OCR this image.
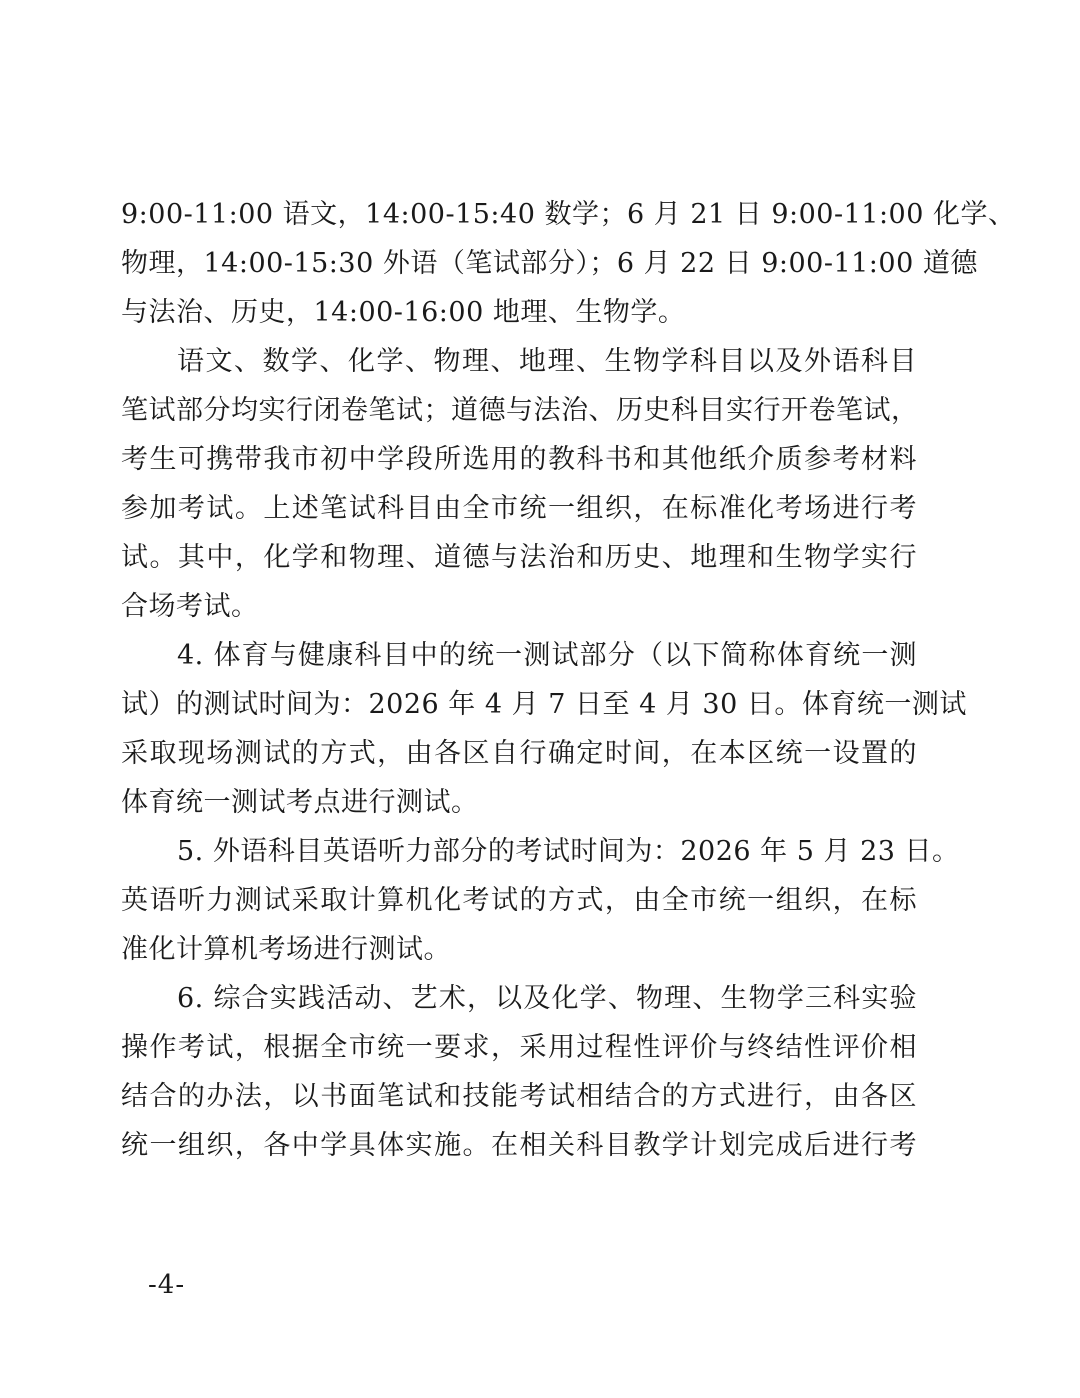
9:00-11:00 语文，14:00-15:40 数学；6 月 21 日 9:00-11:00 化学、
物理，14:00-15:30 外语（笔试部分）；6 月 22 日 9:00-11:00 道德
与法治、历史，14:00-16:00 地理、生物学。
语文、数学、化学、物理、地理、生物学科目以及外语科目
笔试部分均实行闭卷笔试；道德与法治、历史科目实行开卷笔试，
考生可携带我市初中学段所选用的教科书和其他纸介质参考材料
参加考试。上述笔试科目由全市统一组织，在标准化考场进行考
试。其中，化学和物理、道德与法治和历史、地理和生物学实行
合场考试。
4. 体育与健康科目中的统一测试部分（以下简称体育统一测
试）的测试时间为：2026 年 4 月 7 日至 4 月 30 日。体育统一测试
采取现场测试的方式，由各区自行确定时间，在本区统一设置的
体育统一测试考点进行测试。
5. 外语科目英语听力部分的考试时间为：2026 年 5 月 23 日。
英语听力测试采取计算机化考试的方式，由全市统一组织，在标
准化计算机考场进行测试。
6. 综合实践活动、艺术，以及化学、物理、生物学三科实验
操作考试，根据全市统一要求，采用过程性评价与终结性评价相
结合的办法，以书面笔试和技能考试相结合的方式进行，由各区
统一组织，各中学具体实施。在相关科目教学计划完成后进行考
-4-
